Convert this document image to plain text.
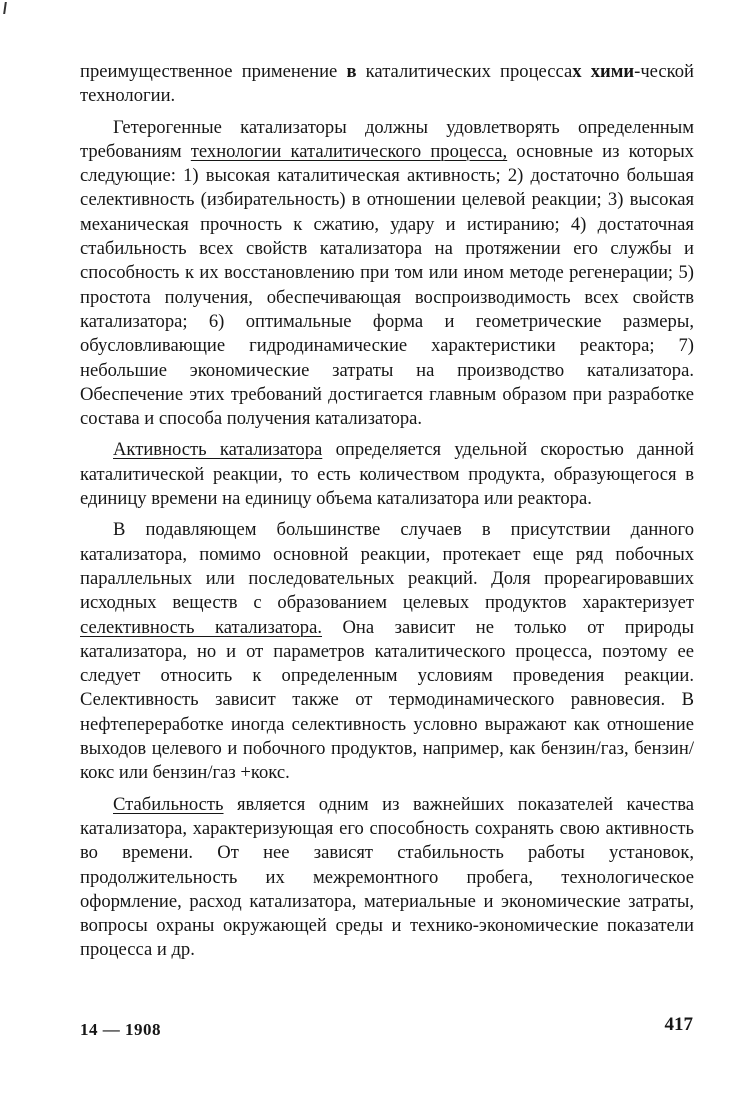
преимущественное применение в каталитических процессах хими-ческой технологии.

Гетерогенные катализаторы должны удовлетворять определенным требованиям технологии каталитического процесса, основные из которых следующие: 1) высокая каталитическая активность; 2) достаточно большая селективность (избирательность) в отношении целевой реакции; 3) высокая механическая прочность к сжатию, удару и истиранию; 4) достаточная стабильность всех свойств катализатора на протяжении его службы и способность к их восстановлению при том или ином методе регенерации; 5) простота получения, обеспечивающая воспроизводимость всех свойств катализатора; 6) оптимальные форма и геометрические размеры, обусловливающие гидродинамические характеристики реактора; 7) небольшие экономические затраты на производство катализатора. Обеспечение этих требований достигается главным образом при разработке состава и способа получения катализатора.

Активность катализатора определяется удельной скоростью данной каталитической реакции, то есть количеством продукта, образующегося в единицу времени на единицу объема катализатора или реактора.

В подавляющем большинстве случаев в присутствии данного катализатора, помимо основной реакции, протекает еще ряд побочных параллельных или последовательных реакций. Доля прореагировавших исходных веществ с образованием целевых продуктов характеризует селективность катализатора. Она зависит не только от природы катализатора, но и от параметров каталитического процесса, поэтому ее следует относить к определенным условиям проведения реакции. Селективность зависит также от термодинамического равновесия. В нефтепереработке иногда селективность условно выражают как отношение выходов целевого и побочного продуктов, например, как бензин/газ, бензин/кокс или бензин/газ +кокс.

Стабильность является одним из важнейших показателей качества катализатора, характеризующая его способность сохранять свою активность во времени. От нее зависят стабильность работы установок, продолжительность их межремонтного пробега, технологическое оформление, расход катализатора, материальные и экономические затраты, вопросы охраны окружающей среды и технико-экономические показатели процесса и др.

14 — 1908	417
